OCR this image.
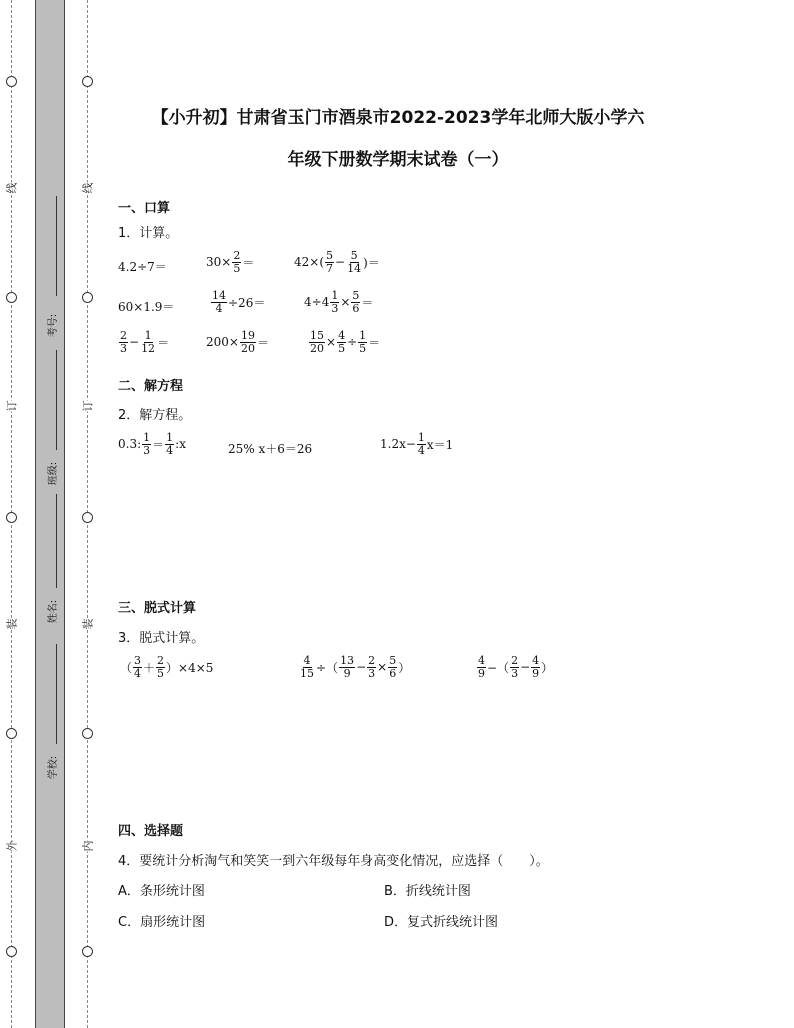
线
订
装
外
线
订
装
内
考号:
班级:
姓名:
学校:
【小升初】甘肃省玉门市酒泉市2022-2023学年北师大版小学六
年级下册数学期末试卷（一）
一、口算
1．计算。
4.2÷7＝	$30\times \frac{2}{5}$ ＝	$42\times( \frac{5}{7} - \frac{5}{14}$ )＝
60×1.9＝	$\frac{14}{4} \div 26=$	$4\div 4 \frac{1}{3} \times \frac{5}{6}$ ＝
$\frac{2}{3} - \frac{1}{12}$ ＝	$200\times \frac{19}{20}$ ＝	$\frac{15}{20} \times \frac{4}{5} \div \frac{1}{5}$ ＝
二、解方程
2．解方程。
0.3: $\frac{1}{3} = \frac{1}{4}$ :x	25% x＋6＝26	$1.2x- \frac{1}{4} x=1$
三、脱式计算
3．脱式计算。
（ $\frac{3}{4} + \frac{2}{5} )\times 4\times 5$	$\frac{4}{15}$ ÷（ $\frac{13}{9} - \frac{2}{3} \times \frac{5}{6}$ ）	$\frac{4}{9}$ −（ $\frac{2}{3} - \frac{4}{9}$ ）
四、选择题
4．要统计分析淘气和笑笑一到六年级每年身高变化情况，应选择（　　）。
A．条形统计图	B．折线统计图
C．扇形统计图	D．复式折线统计图
